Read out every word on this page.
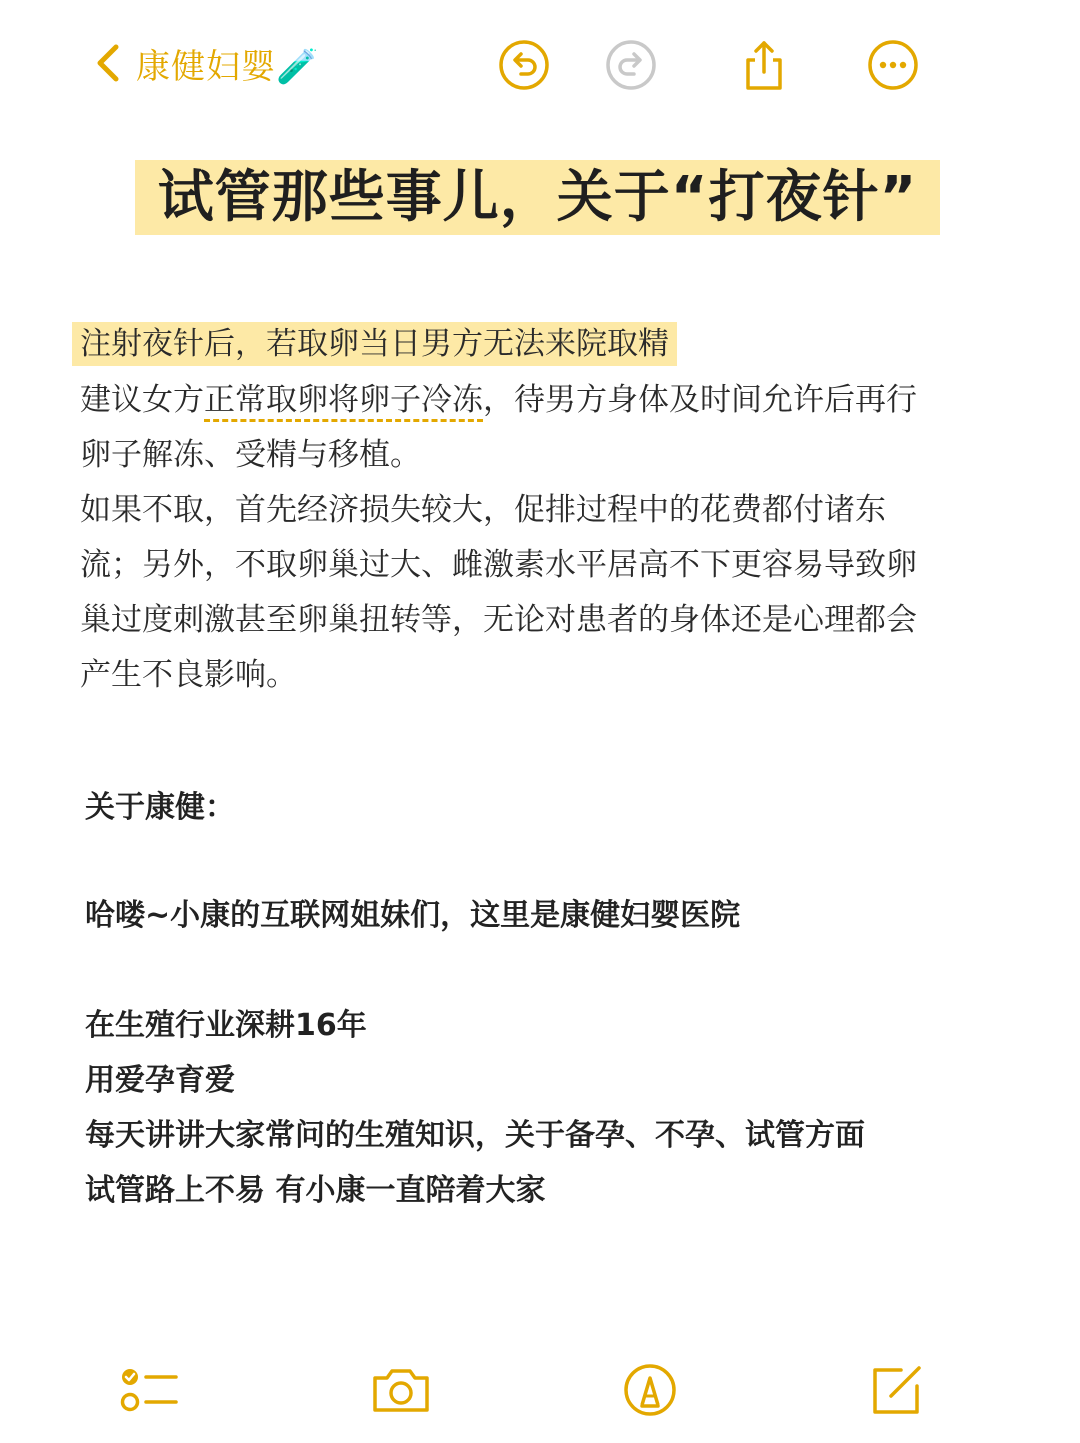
康健妇婴🧪
试管那些事儿，关于“打夜针”
注射夜针后，若取卵当日男方无法来院取精
建议女方正常取卵将卵子冷冻，待男方身体及时间允许后再行
卵子解冻、受精与移植。
如果不取，首先经济损失较大，促排过程中的花费都付诸东
流；另外，不取卵巢过大、雌激素水平居高不下更容易导致卵
巢过度刺激甚至卵巢扭转等，无论对患者的身体还是心理都会
产生不良影响。
关于康健：
哈喽~小康的互联网姐妹们，这里是康健妇婴医院
在生殖行业深耕16年
用爱孕育爱
每天讲讲大家常问的生殖知识，关于备孕、不孕、试管方面
试管路上不易 有小康一直陪着大家
